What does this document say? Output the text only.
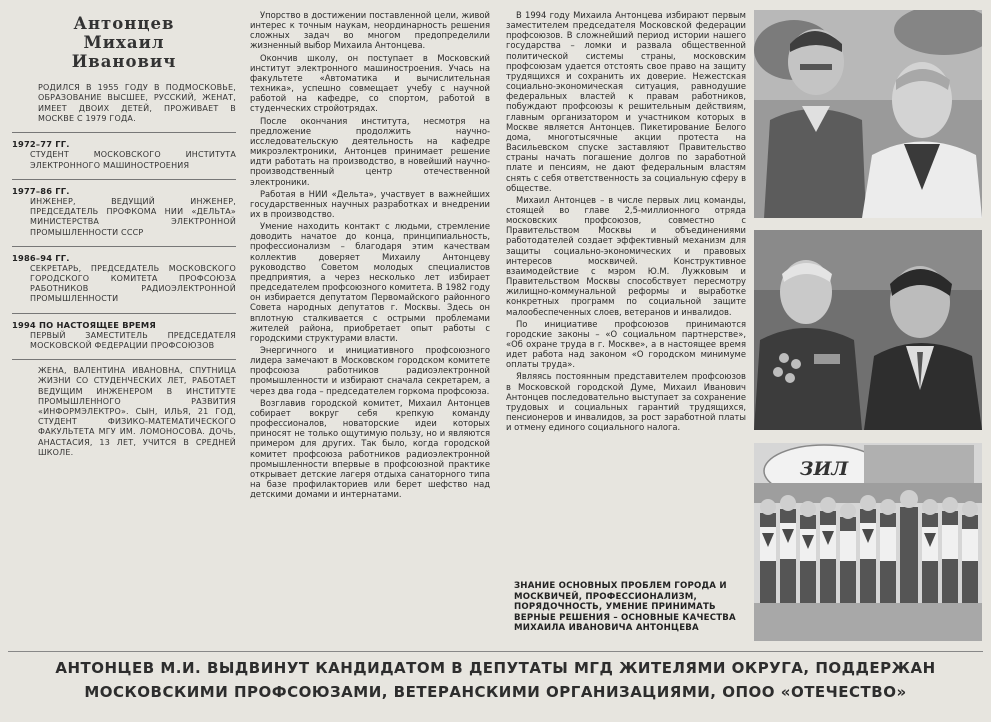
Антонцев
Михаил
Иванович
РОДИЛСЯ В 1955 ГОДУ В ПОДМОСКОВЬЕ, ОБРАЗОВАНИЕ ВЫСШЕЕ, РУССКИЙ, ЖЕНАТ, ИМЕЕТ ДВОИХ ДЕТЕЙ, ПРОЖИВАЕТ В МОСКВЕ С 1979 ГОДА.
1972–77 ГГ.
СТУДЕНТ МОСКОВСКОГО ИНСТИТУТА ЭЛЕКТРОННОГО МАШИНОСТРОЕНИЯ
1977–86 ГГ.
ИНЖЕНЕР, ВЕДУЩИЙ ИНЖЕНЕР, ПРЕДСЕДАТЕЛЬ ПРОФКОМА НИИ «ДЕЛЬТА» МИНИСТЕРСТВА ЭЛЕКТРОННОЙ ПРОМЫШЛЕННОСТИ СССР
1986–94 ГГ.
СЕКРЕТАРЬ, ПРЕДСЕДАТЕЛЬ МОСКОВСКОГО ГОРОДСКОГО КОМИТЕТА ПРОФСОЮЗА РАБОТНИКОВ РАДИОЭЛЕКТРОННОЙ ПРОМЫШЛЕННОСТИ
1994 ПО НАСТОЯЩЕЕ ВРЕМЯ
ПЕРВЫЙ ЗАМЕСТИТЕЛЬ ПРЕДСЕДАТЕЛЯ МОСКОВСКОЙ ФЕДЕРАЦИИ ПРОФСОЮЗОВ
ЖЕНА, ВАЛЕНТИНА ИВАНОВНА, СПУТНИЦА ЖИЗНИ СО СТУДЕНЧЕСКИХ ЛЕТ, РАБОТАЕТ ВЕДУЩИМ ИНЖЕНЕРОМ В ИНСТИТУТЕ ПРОМЫШЛЕННОГО РАЗВИТИЯ «ИНФОРМЭЛЕКТРО». СЫН, ИЛЬЯ, 21 ГОД, СТУДЕНТ ФИЗИКО-МАТЕМАТИЧЕСКОГО ФАКУЛЬТЕТА МГУ ИМ. ЛОМОНОСОВА. ДОЧЬ, АНАСТАСИЯ, 13 ЛЕТ, УЧИТСЯ В СРЕДНЕЙ ШКОЛЕ.

Упорство в достижении поставленной цели, живой интерес к точным наукам, неординарность решения сложных задач во многом предопределили жизненный выбор Михаила Антонцева.

Окончив школу, он поступает в Московский институт электронного машиностроения. Учась на факультете «Автоматика и вычислительная техника», успешно совмещает учебу с научной работой на кафедре, со спортом, работой в студенческих стройотрядах.

После окончания института, несмотря на предложение продолжить научно-исследовательскую деятельность на кафедре микроэлектроники, Антонцев принимает решение идти работать на производство, в новейший научно-производственный центр отечественной электроники.

Работая в НИИ «Дельта», участвует в важнейших государственных научных разработках и внедрении их в производство.

Умение находить контакт с людьми, стремление доводить начатое до конца, принципиальность, профессионализм – благодаря этим качествам коллектив доверяет Михаилу Антонцеву руководство Советом молодых специалистов предприятия, а через несколько лет избирает председателем профсоюзного комитета. В 1982 году он избирается депутатом Первомайского районного Совета народных депутатов г. Москвы. Здесь он вплотную сталкивается с острыми проблемами жителей района, приобретает опыт работы с городскими структурами власти.

Энергичного и инициативного профсоюзного лидера замечают в Московском городском комитете профсоюза работников радиоэлектронной промышленности и избирают сначала секретарем, а через два года – председателем горкома профсоюза.

Возглавив городской комитет, Михаил Антонцев собирает вокруг себя крепкую команду профессионалов, новаторские идеи которых приносят не только ощутимую пользу, но и являются примером для других. Так было, когда городской комитет профсоюза работников радиоэлектронной промышленности впервые в профсоюзной практике открывает детские лагеря отдыха санаторного типа на базе профилакториев или берет шефство над детскими домами и интернатами.

В 1994 году Михаила Антонцева избирают первым заместителем председателя Московской федерации профсоюзов. В сложнейший период истории нашего государства – ломки и развала общественной политической системы страны, московским профсоюзам удается отстоять свое право на защиту трудящихся и сохранить их доверие. Нежестская социально-экономическая ситуация, равнодушие федеральных властей к правам работников, побуждают профсоюзы к решительным действиям, главным организатором и участником которых в Москве является Антонцев. Пикетирование Белого дома, многотысячные акции протеста на Васильевском спуске заставляют Правительство страны начать погашение долгов по заработной плате и пенсиям, не дают федеральным властям снять с себя ответственность за социальную сферу в обществе.

Михаил Антонцев – в числе первых лиц команды, стоящей во главе 2,5-миллионного отряда московских профсоюзов, совместно с Правительством Москвы и объединениями работодателей создает эффективный механизм для защиты социально-экономических и правовых интересов москвичей. Конструктивное взаимодействие с мэром Ю.М. Лужковым и Правительством Москвы способствует пересмотру жилищно-коммунальной реформы и выработке конкретных программ по социальной защите малообеспеченных слоев, ветеранов и инвалидов.

По инициативе профсоюзов принимаются городские законы – «О социальном партнерстве», «Об охране труда в г. Москве», а в настоящее время идет работа над законом «О городском минимуме оплаты труда».

Являясь постоянным представителем профсоюзов в Московской городской Думе, Михаил Иванович Антонцев последовательно выступает за сохранение трудовых и социальных гарантий трудящихся, пенсионеров и инвалидов, за рост заработной платы и отмену единого социального налога.

ЗНАНИЕ ОСНОВНЫХ ПРОБЛЕМ ГОРОДА И МОСКВИЧЕЙ, ПРОФЕССИОНАЛИЗМ, ПОРЯДОЧНОСТЬ, УМЕНИЕ ПРИНИМАТЬ ВЕРНЫЕ РЕШЕНИЯ – ОСНОВНЫЕ КАЧЕСТВА МИХАИЛА ИВАНОВИЧА АНТОНЦЕВА
ЗИЛ
АНТОНЦЕВ М.И. ВЫДВИНУТ КАНДИДАТОМ В ДЕПУТАТЫ МГД ЖИТЕЛЯМИ ОКРУГА, ПОДДЕРЖАН
МОСКОВСКИМИ ПРОФСОЮЗАМИ, ВЕТЕРАНСКИМИ ОРГАНИЗАЦИЯМИ, ОПОО «ОТЕЧЕСТВО»
